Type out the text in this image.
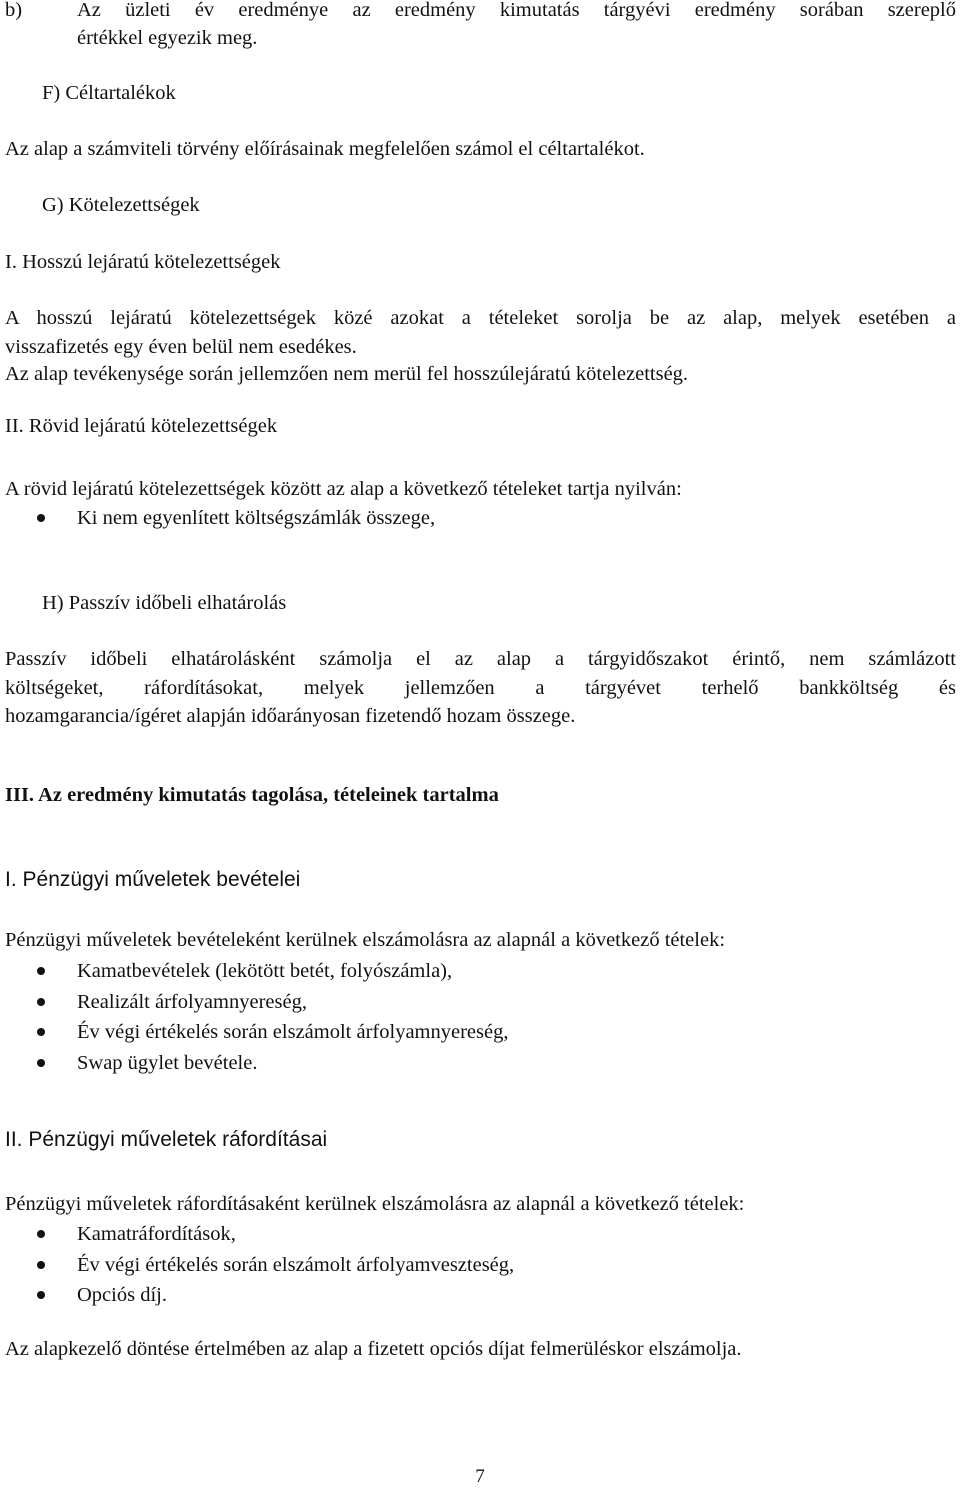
b)	Az üzleti év eredménye az eredmény kimutatás tárgyévi eredmény sorában szereplő

értékkel egyezik meg.

F) Céltartalékok

Az alap a számviteli törvény előírásainak megfelelően számol el céltartalékot.

G) Kötelezettségek

I. Hosszú lejáratú kötelezettségek

A hosszú lejáratú kötelezettségek közé azokat a tételeket sorolja be az alap, melyek esetében a

visszafizetés egy éven belül nem esedékes.

Az alap tevékenysége során jellemzően nem merül fel hosszúlejáratú kötelezettség.

II. Rövid lejáratú kötelezettségek

A rövid lejáratú kötelezettségek között az alap a következő tételeket tartja nyilván:

Ki nem egyenlített költségszámlák összege,

H) Passzív időbeli elhatárolás

Passzív időbeli elhatárolásként számolja el az alap a tárgyidőszakot érintő, nem számlázott

költségeket, ráfordításokat, melyek jellemzően a tárgyévet terhelő bankköltség és

hozamgarancia/ígéret alapján időarányosan fizetendő hozam összege.

III. Az eredmény kimutatás tagolása, tételeinek tartalma

I. Pénzügyi műveletek bevételei

Pénzügyi műveletek bevételeként kerülnek elszámolásra az alapnál a következő tételek:

Kamatbevételek (lekötött betét, folyószámla),
Realizált árfolyamnyereség,
Év végi értékelés során elszámolt árfolyamnyereség,
Swap ügylet bevétele.

II. Pénzügyi műveletek ráfordításai

Pénzügyi műveletek ráfordításaként kerülnek elszámolásra az alapnál a következő tételek:

Kamatráfordítások,
Év végi értékelés során elszámolt árfolyamveszteség,
Opciós díj.

Az alapkezelő döntése értelmében az alap a fizetett opciós díjat felmerüléskor elszámolja.

7
